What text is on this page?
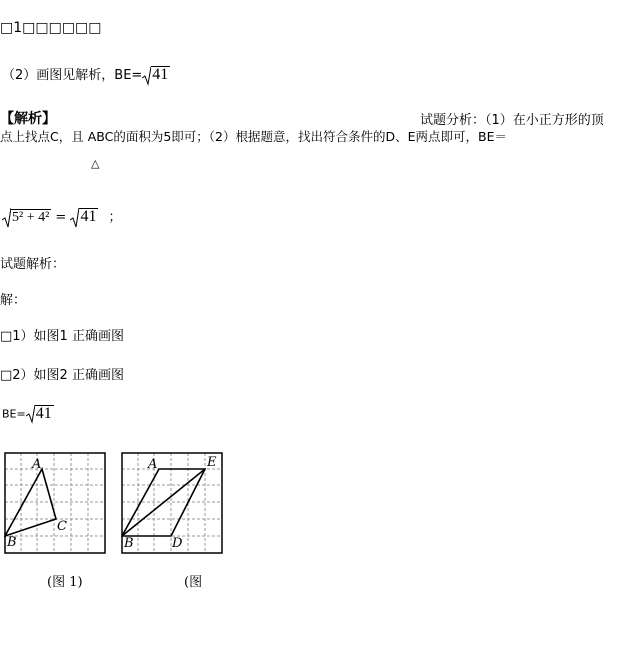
□1□□□□□□
（2）画图见解析，BE= 41
【解析】	试题分析：（1）在小正方形的顶
点上找点C，且 ABC的面积为5即可；（2）根据题意，找出符合条件的D、E两点即可，BE＝
△
5² + 4² = 41 ；
试题解析：
解：
□1）如图1 正确画图
□2）如图2 正确画图
BE= 41
A
B
C
(图 1)
A	E
B	D
(图
